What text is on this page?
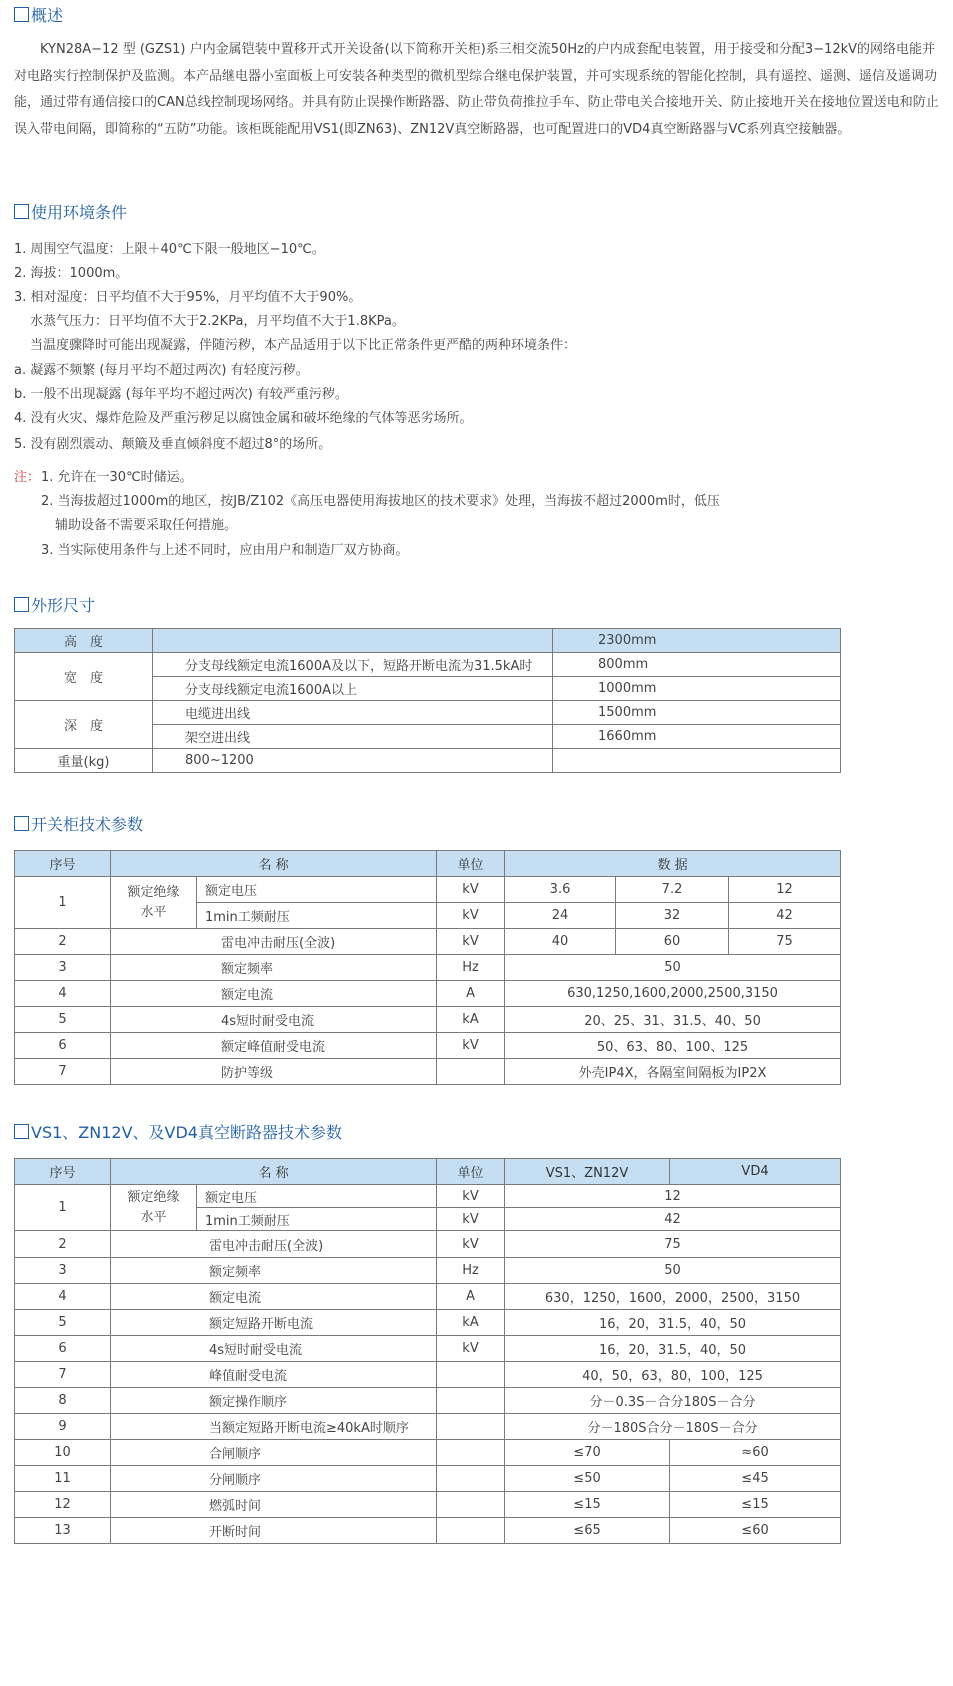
概述
KYN28A−12 型 (GZS1) 户内金属铠装中置移开式开关设备(以下简称开关柜)系三相交流50Hz的户内成套配电装置，用于接受和分配3−12kV的网络电能并对电路实行控制保护及监测。本产品继电器小室面板上可安装各种类型的微机型综合继电保护装置，并可实现系统的智能化控制，具有遥控、遥测、遥信及遥调功能，通过带有通信接口的CAN总线控制现场网络。并具有防止误操作断路器、防止带负荷推拉手车、防止带电关合接地开关、防止接地开关在接地位置送电和防止误入带电间隔，即简称的“五防”功能。该柜既能配用VS1(即ZN63)、ZN12V真空断路器，也可配置进口的VD4真空断路器与VC系列真空接触器。
使用环境条件
1. 周围空气温度：上限＋40℃下限一般地区−10℃。
2. 海拔：1000m。
3. 相对湿度：日平均值不大于95%，月平均值不大于90%。
水蒸气压力：日平均值不大于2.2KPa，月平均值不大于1.8KPa。
当温度骤降时可能出现凝露，伴随污秽，本产品适用于以下比正常条件更严酷的两种环境条件：
a. 凝露不频繁 (每月平均不超过两次) 有轻度污秽。
b. 一般不出现凝露 (每年平均不超过两次) 有较严重污秽。
4. 没有火灾、爆炸危险及严重污秽足以腐蚀金属和破坏绝缘的气体等恶劣场所。
5. 没有剧烈震动、颠簸及垂直倾斜度不超过8°的场所。
注： 1. 允许在一30℃时储运。
2. 当海拔超过1000m的地区，按JB/Z102《高压电器使用海拔地区的技术要求》处理，当海拔不超过2000m时，低压
辅助设备不需要采取任何措施。
3. 当实际使用条件与上述不同时，应由用户和制造厂双方协商。
外形尺寸
高　度		2300mm
宽　度	分支母线额定电流1600A及以下，短路开断电流为31.5kA时	800mm
	分支母线额定电流1600A以上	1000mm
深　度	电缆进出线	1500mm
	架空进出线	1660mm
重量(kg)	800~1200	
开关柜技术参数
序号	名 称		单位	数 据		
1	额定绝缘水平	额定电压	kV	3.6	7.2	12
		1min工频耐压	kV	24	32	42
2	雷电冲击耐压(全波)		kV	40	60	75
3	额定频率		Hz	50		
4	额定电流		A	630,1250,1600,2000,2500,3150		
5	4s短时耐受电流		kA	20、25、31、31.5、40、50		
6	额定峰值耐受电流		kV	50、63、80、100、125		
7	防护等级			外壳IP4X，各隔室间隔板为IP2X		
VS1、ZN12V、及VD4真空断路器技术参数
序号	名 称		单位	VS1、ZN12V	VD4
1	额定绝缘水平	额定电压	kV	12	
		1min工频耐压	kV	42	
2	雷电冲击耐压(全波)		kV	75	
3	额定频率		Hz	50	
4	额定电流		A	630，1250，1600，2000，2500，3150	
5	额定短路开断电流		kA	16，20，31.5，40，50	
6	4s短时耐受电流		kV	16，20，31.5，40，50	
7	峰值耐受电流			40，50，63，80，100，125	
8	额定操作顺序			分－0.3S－合分180S－合分	
9	当额定短路开断电流≥40kA时顺序			分－180S合分－180S－合分	
10	合闸顺序			≤70	≈60
11	分闸顺序			≤50	≤45
12	燃弧时间			≤15	≤15
13	开断时间			≤65	≤60
